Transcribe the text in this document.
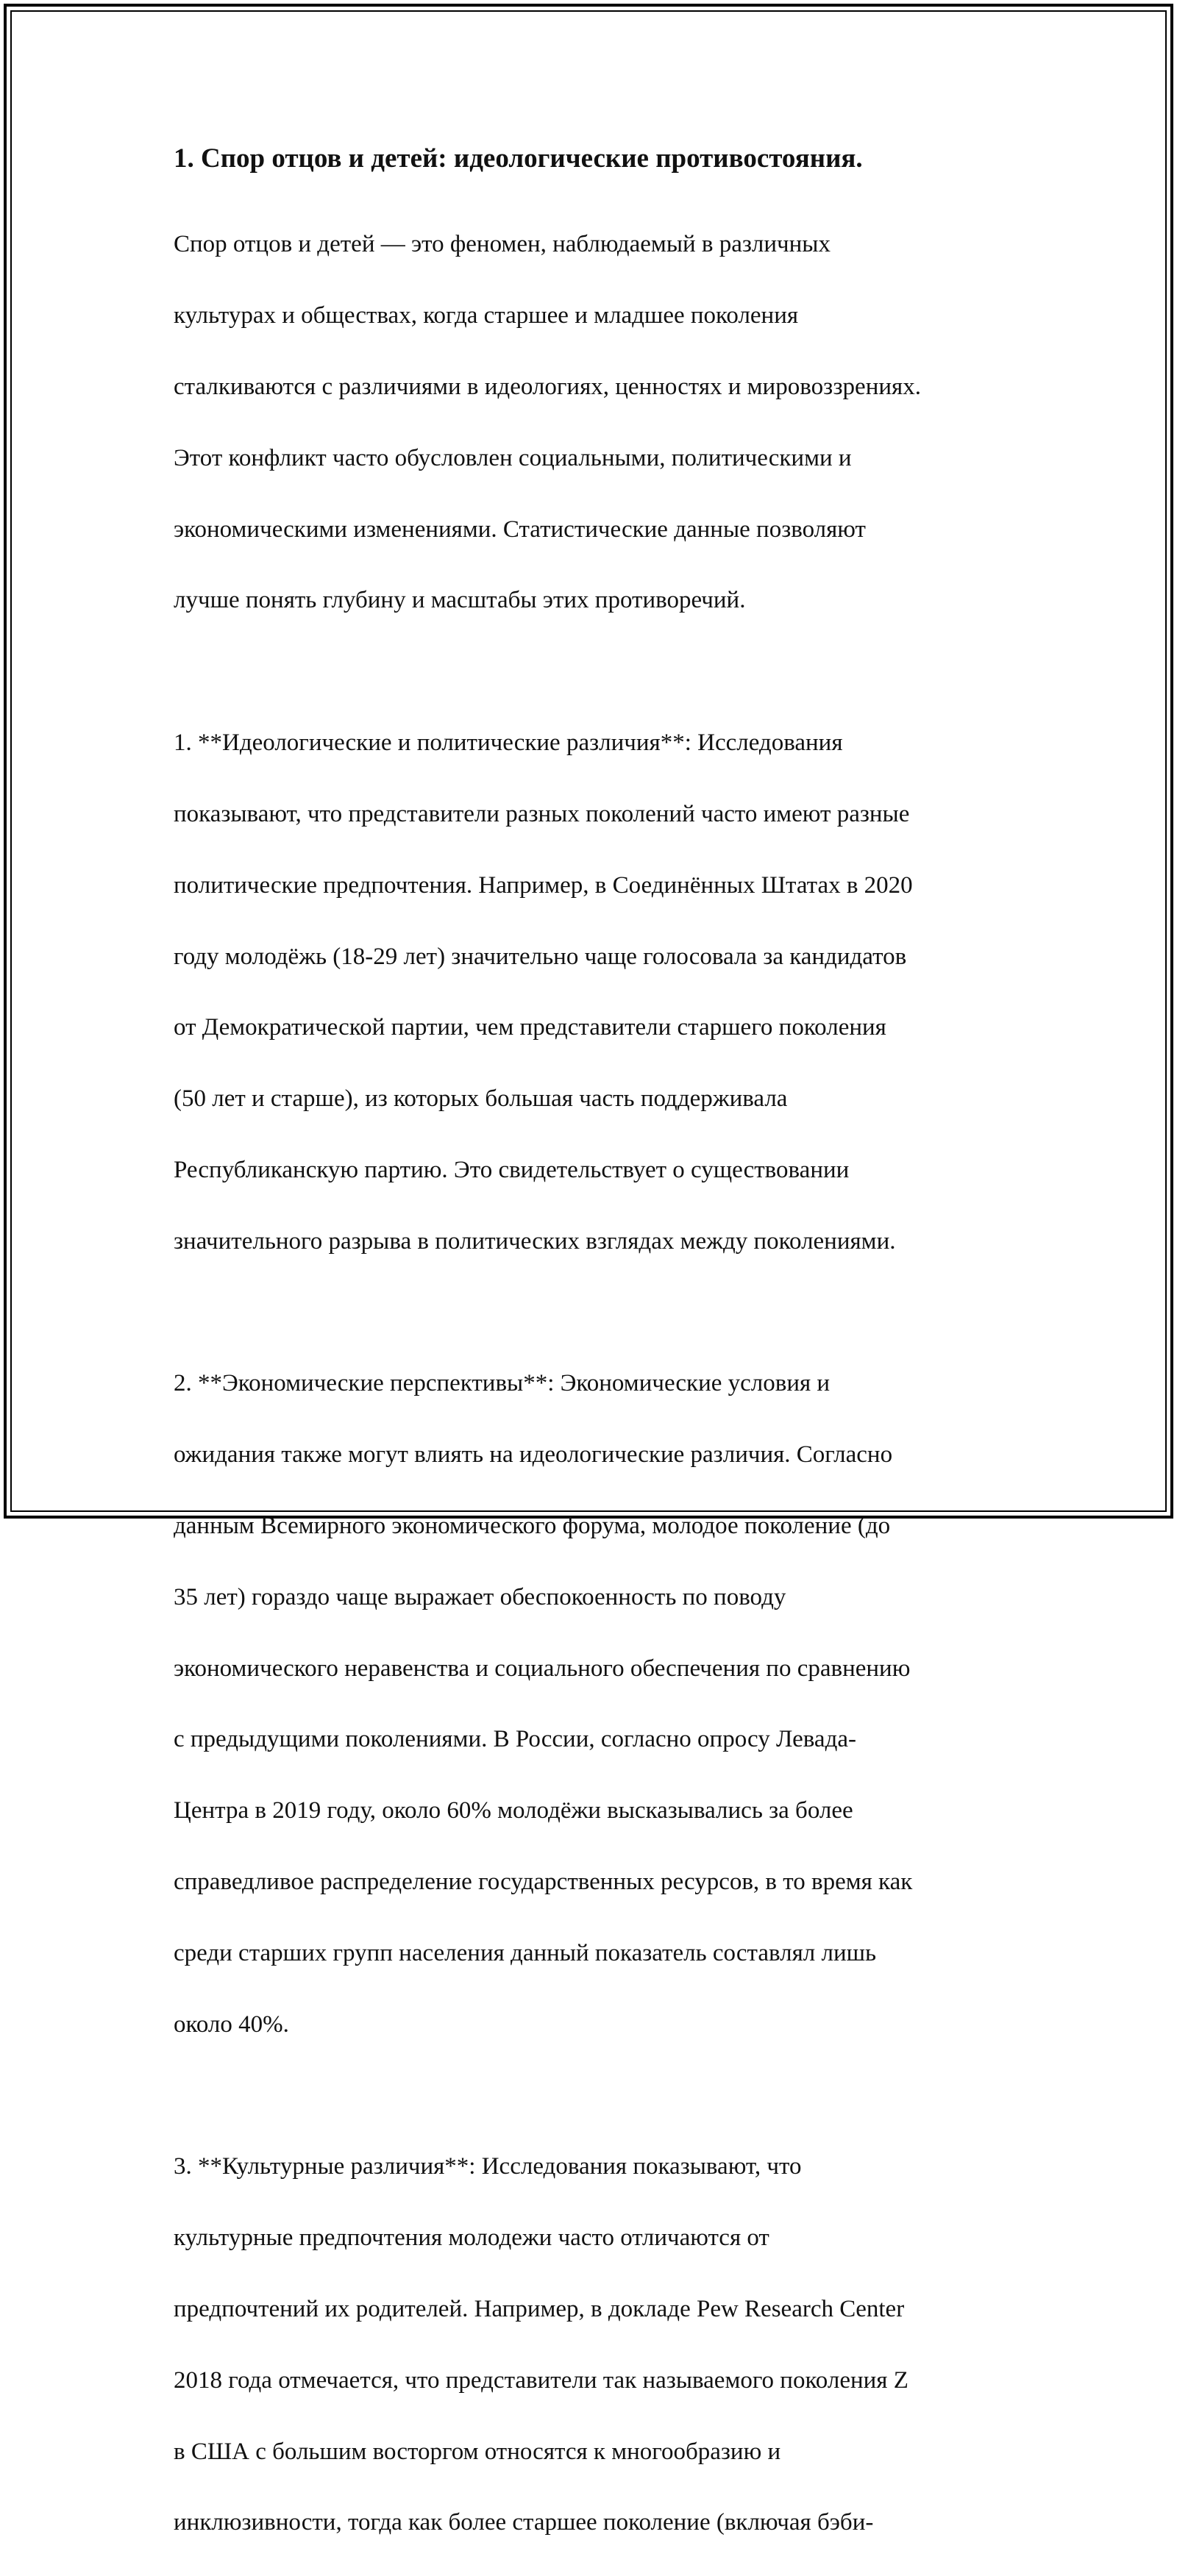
1. Спор отцов и детей: идеологические противостояния.

Спор отцов и детей — это феномен, наблюдаемый в различных

культурах и обществах, когда старшее и младшее поколения

сталкиваются с различиями в идеологиях, ценностях и мировоззрениях.

Этот конфликт часто обусловлен социальными, политическими и

экономическими изменениями. Статистические данные позволяют

лучше понять глубину и масштабы этих противоречий.

1. **Идеологические и политические различия**: Исследования

показывают, что представители разных поколений часто имеют разные

политические предпочтения. Например, в Соединённых Штатах в 2020

году молодёжь (18-29 лет) значительно чаще голосовала за кандидатов

от Демократической партии, чем представители старшего поколения

(50 лет и старше), из которых большая часть поддерживала

Республиканскую партию. Это свидетельствует о существовании

значительного разрыва в политических взглядах между поколениями.

2. **Экономические перспективы**: Экономические условия и

ожидания также могут влиять на идеологические различия. Согласно

данным Всемирного экономического форума, молодое поколение (до

35 лет) гораздо чаще выражает обеспокоенность по поводу

экономического неравенства и социального обеспечения по сравнению

с предыдущими поколениями. В России, согласно опросу Левада-

Центра в 2019 году, около 60% молодёжи высказывались за более

справедливое распределение государственных ресурсов, в то время как

среди старших групп населения данный показатель составлял лишь

около 40%.

3. **Культурные различия**: Исследования показывают, что

культурные предпочтения молодежи часто отличаются от

предпочтений их родителей. Например, в докладе Pew Research Center

2018 года отмечается, что представители так называемого поколения Z

в США с большим восторгом относятся к многообразию и

инклюзивности, тогда как более старшее поколение (включая бэби-
